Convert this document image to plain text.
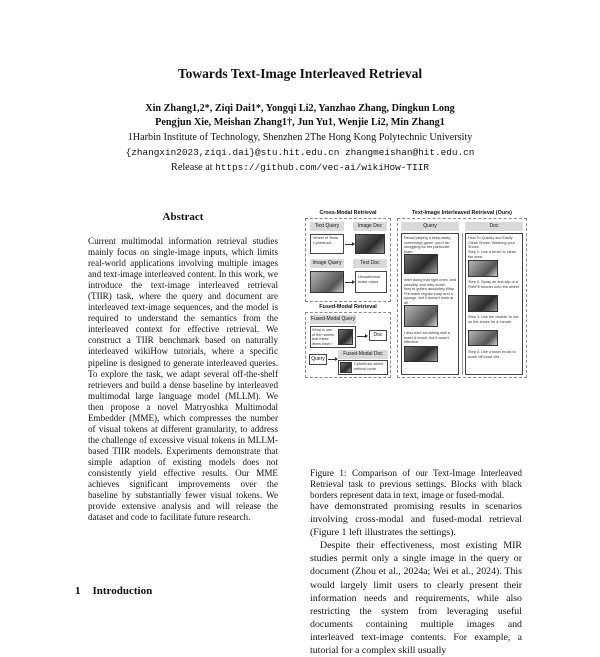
Towards Text-Image Interleaved Retrieval
Xin Zhang1,2*, Ziqi Dai1*, Yongqi Li2, Yanzhao Zhang, Dingkun Long
Pengjun Xie, Meishan Zhang1†, Jun Yu1, Wenjie Li2, Min Zhang1
1Harbin Institute of Technology, Shenzhen 2The Hong Kong Polytechnic University
{zhangxin2023,ziqi.dai}@stu.hit.edu.cn zhangmeishan@hit.edu.cn
Release at https://github.com/vec-ai/wikiHow-TIIR
Abstract

Current multimodal information retrieval studies mainly focus on single-image inputs, which limits real-world applications involving multiple images and text-image interleaved content. In this work, we introduce the text-image interleaved retrieval (TIIR) task, where the query and document are interleaved text-image sequences, and the model is required to understand the semantics from the interleaved context for effective retrieval. We construct a TIIR benchmark based on naturally interleaved wikiHow tutorials, where a specific pipeline is designed to generate interleaved queries. To explore the task, we adapt several off-the-shelf retrievers and build a dense baseline by interleaved multimodal large language model (MLLM). We then propose a novel Matryoshka Multimodal Embedder (MME), which compresses the number of visual tokens at different granularity, to address the challenge of excessive visual tokens in MLLM-based TIIR models. Experiments demonstrate that simple adaption of existing models does not consistently yield effective results. Our MME achieves significant improvements over the baseline by substantially fewer visual tokens. We provide extensive analysis and will release the dataset and code to facilitate future research.

1 Introduction
Cross-Modal Retrieval
Text Query	Image Doc
Wheel of Tesla Cybertruck
Image Query	Text Doc
Hexadecimal brake rotors
Fused-Modal Retrieval
Fused-Modal Query
What is one of the names that these items have?
Doc
Query
Fused-Modal Doc
Cybertruck wheel without cover
Text-Image Interleaved Retrieval (Ours)
Query	Doc
Recall playing a keep-away, scrimmage game, you'll be struggling for the particular team.
After doing that right ones, and possibly, and dirty mode, they're gotten absolutely filthy. Pre-wash regular soap and a sponge, but it doesn't work at all.
I also tried scrubbing with a towel & brush, but it wasn't effective.
...
How To Quickly and Easily Clean Shoes, Washing your Shoes.
Step 1: Use a brush to clean the area.
Step 2: Spray an anti-slip or a FilthPit cleaner onto the wheel.
Step 3: Use the cleaner to rub on the shoes for a minute.
Step 4: Use a towel brush to scrub off loose dirt.
...
Figure 1: Comparison of our Text-Image Interleaved Retrieval task to previous settings. Blocks with black borders represent data in text, image or fused-modal.

have demonstrated promising results in scenarios involving cross-modal and fused-modal retrieval (Figure 1 left illustrates the settings).

Despite their effectiveness, most existing MIR studies permit only a single image in the query or document (Zhou et al., 2024a; Wei et al., 2024). This would largely limit users to clearly present their information needs and requirements, while also restricting the system from leveraging useful documents containing multiple images and interleaved text-image contents. For example, a tutorial for a complex skill usually
